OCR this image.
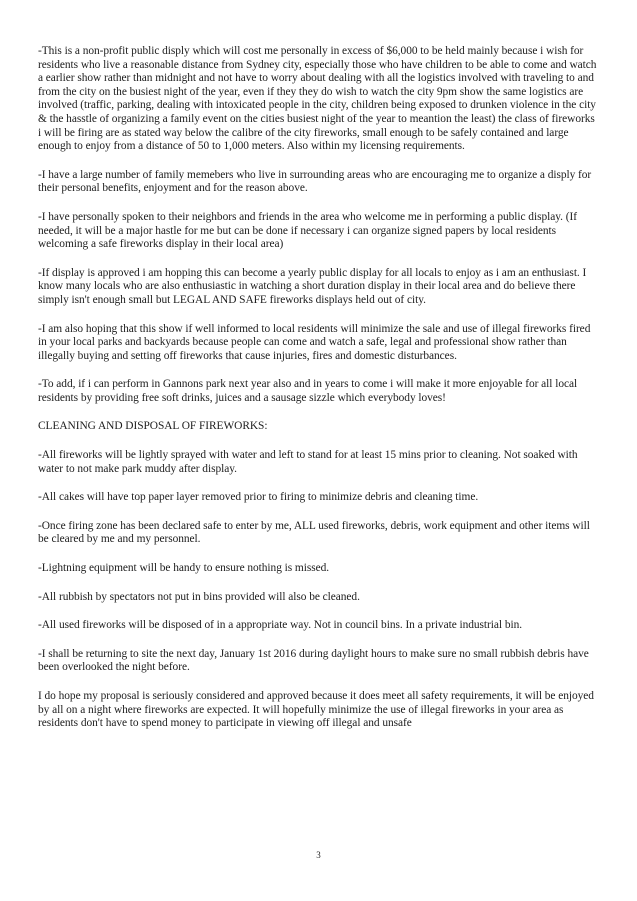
-This is a non-profit public disply which will cost me personally in excess of $6,000 to be held mainly because i wish for residents who live a reasonable distance from Sydney city, especially those who have children to be able to come and watch a earlier show rather than midnight and not have to worry about dealing with all the logistics involved with traveling to and from the city on the busiest night of the year, even if they they do wish to watch the city 9pm show the same logistics are involved (traffic, parking, dealing with intoxicated people in the city, children being exposed to drunken violence in the city & the hasstle of organizing a family event on the cities busiest night of the year to meantion the least) the class of fireworks i will be firing are as stated way below the calibre of the city fireworks, small enough to be safely contained and large enough to enjoy from a distance of 50 to 1,000 meters. Also within my licensing requirements.

-I have a large number of family memebers who live in surrounding areas who are encouraging me to organize a disply for their personal benefits, enjoyment and for the reason above.

-I have personally spoken to their neighbors and friends in the area who welcome me in performing a public display. (If needed, it will be a major hastle for me but can be done if necessary i can organize signed papers by local residents welcoming a safe fireworks display in their local area)

-If display is approved i am hopping this can become a yearly public display for all locals to enjoy as i am an enthusiast. I know many locals who are also enthusiastic in watching a short duration display in their local area and do believe there simply isn't enough small but LEGAL AND SAFE fireworks displays held out of city.

-I am also hoping that this show if well informed to local residents will minimize the sale and use of illegal fireworks fired in your local parks and backyards because people can come and watch a safe, legal and professional show rather than illegally buying and setting off fireworks that cause injuries, fires and domestic disturbances.

-To add, if i can perform in Gannons park next year also and in years to come i will make it more enjoyable for all local residents by providing free soft drinks, juices and a sausage sizzle which everybody loves!

CLEANING AND DISPOSAL OF FIREWORKS:

-All fireworks will be lightly sprayed with water and left to stand for at least 15 mins prior to cleaning. Not soaked with water to not make park muddy after display.

-All cakes will have top paper layer removed prior to firing to minimize debris and cleaning time.

-Once firing zone has been declared safe to enter by me, ALL used fireworks, debris, work equipment and other items will be cleared by me and my personnel.

-Lightning equipment will be handy to ensure nothing is missed.

-All rubbish by spectators not put in bins provided will also be cleaned.

-All used fireworks will be disposed of in a appropriate way. Not in council bins. In a private industrial bin.

-I shall be returning to site the next day, January 1st 2016 during daylight hours to make sure no small rubbish debris have been overlooked the night before.

I do hope my proposal is seriously considered and approved because it does meet all safety requirements, it will be enjoyed by all on a night where fireworks are expected. It will hopefully minimize the use of illegal fireworks in your area as residents don't have to spend money to participate in viewing off illegal and unsafe

3
